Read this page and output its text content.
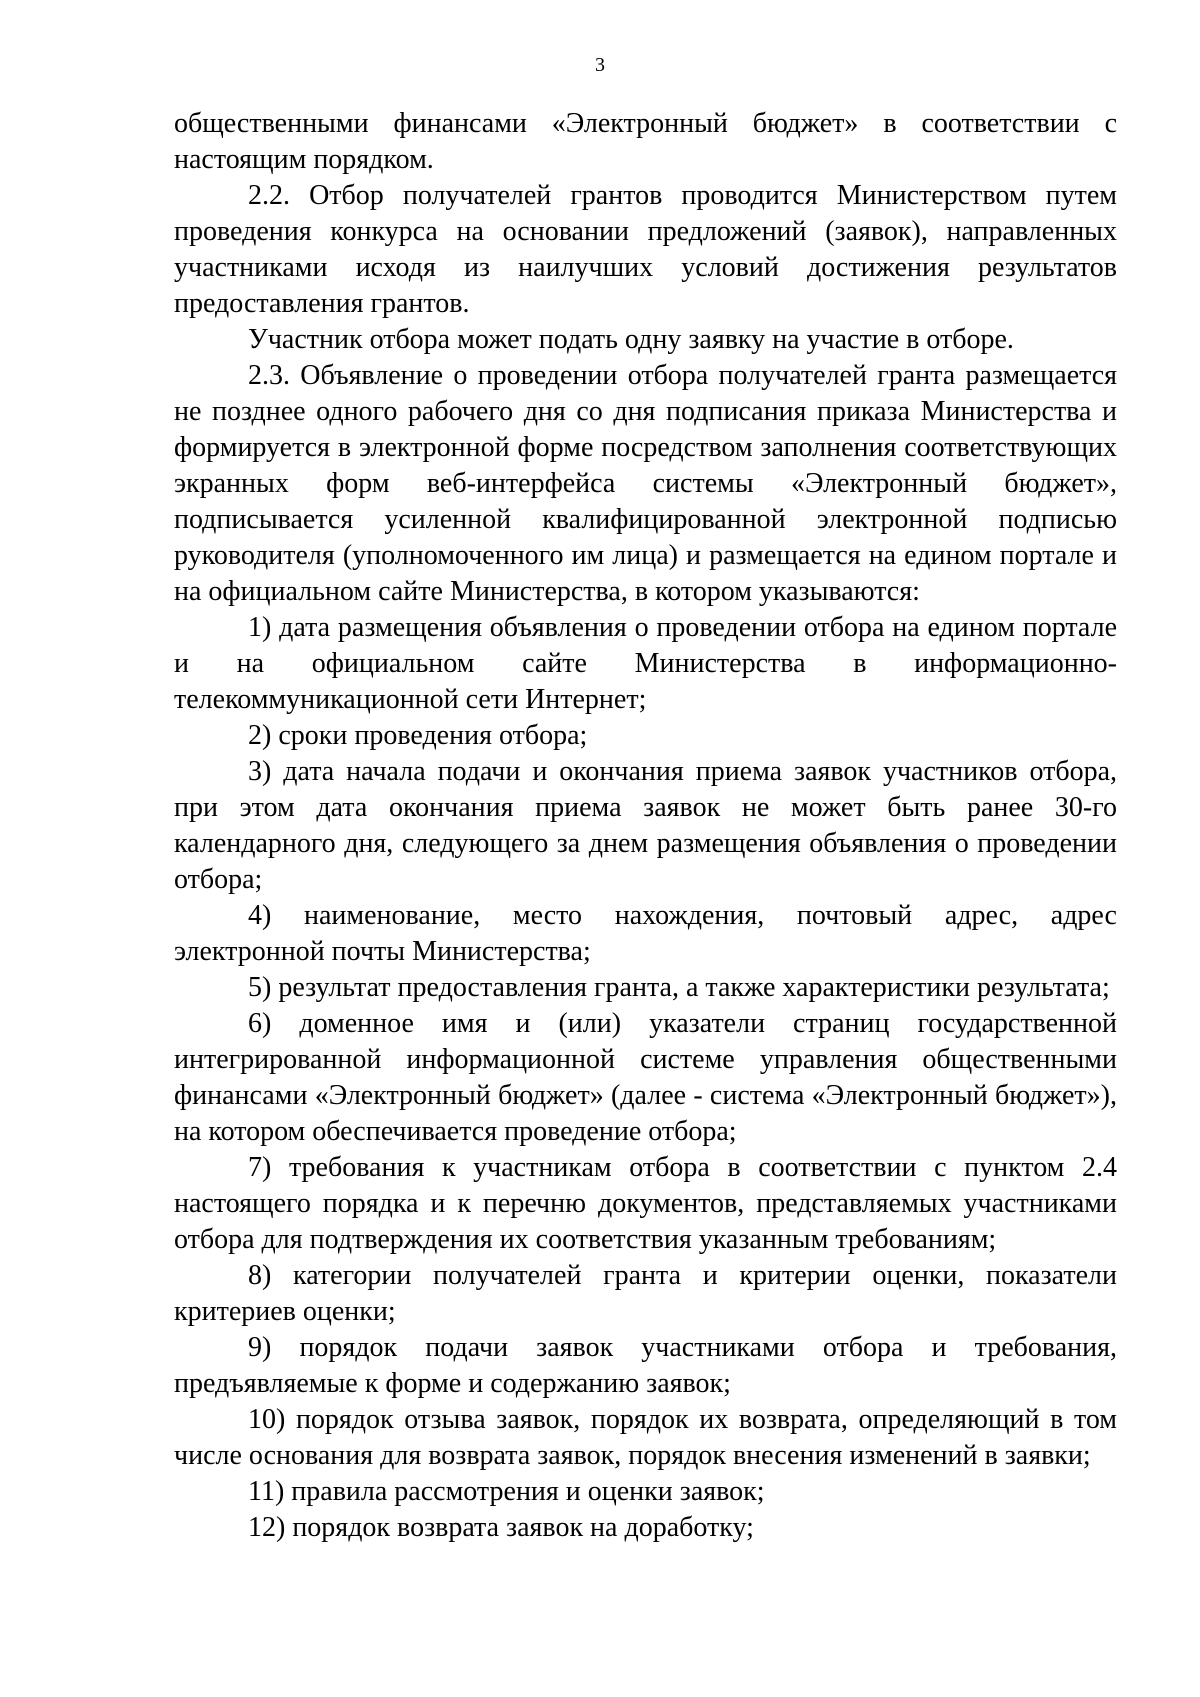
3

общественными финансами «Электронный бюджет» в соответствии с настоящим порядком.

2.2. Отбор получателей грантов проводится Министерством путем проведения конкурса на основании предложений (заявок), направленных участниками исходя из наилучших условий достижения результатов предоставления грантов.

Участник отбора может подать одну заявку на участие в отборе.

2.3. Объявление о проведении отбора получателей гранта размещается не позднее одного рабочего дня со дня подписания приказа Министерства и формируется в электронной форме посредством заполнения соответствующих экранных форм веб-интерфейса системы «Электронный бюджет», подписывается усиленной квалифицированной электронной подписью руководителя (уполномоченного им лица) и размещается на едином портале и на официальном сайте Министерства, в котором указываются:

1) дата размещения объявления о проведении отбора на едином портале и на официальном сайте Министерства в информационно-телекоммуникационной сети Интернет;

2) сроки проведения отбора;

3) дата начала подачи и окончания приема заявок участников отбора, при этом дата окончания приема заявок не может быть ранее 30-го календарного дня, следующего за днем размещения объявления о проведении отбора;

4) наименование, место нахождения, почтовый адрес, адрес электронной почты Министерства;

5) результат предоставления гранта, а также характеристики результата;

6) доменное имя и (или) указатели страниц государственной интегрированной информационной системе управления общественными финансами «Электронный бюджет» (далее - система «Электронный бюджет»), на котором обеспечивается проведение отбора;

7) требования к участникам отбора в соответствии с пунктом 2.4 настоящего порядка и к перечню документов, представляемых участниками отбора для подтверждения их соответствия указанным требованиям;

8) категории получателей гранта и критерии оценки, показатели критериев оценки;

9) порядок подачи заявок участниками отбора и требования, предъявляемые к форме и содержанию заявок;

10) порядок отзыва заявок, порядок их возврата, определяющий в том числе основания для возврата заявок, порядок внесения изменений в заявки;

11) правила рассмотрения и оценки заявок;

12) порядок возврата заявок на доработку;
